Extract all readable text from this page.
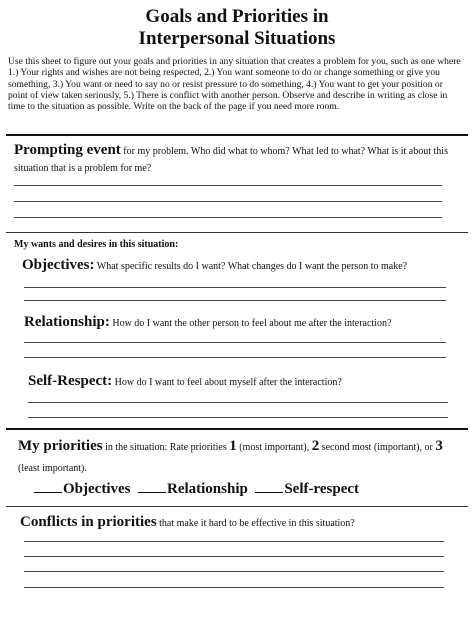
Goals and Priorities in
Interpersonal Situations
Use this sheet to figure out your goals and priorities in any situation that creates a problem for you, such as one where 1.) Your rights and wishes are not being respected, 2.) You want someone to do or change something or give you something, 3.) You want or need to say no or resist pressure to do something, 4.) You want to get your position or point of view taken seriously, 5.) There is conflict with another person. Observe and describe in writing as close in time to the situation as possible. Write on the back of the page if you need more room.
Prompting event for my problem. Who did what to whom? What led to what? What is it about this situation that is a problem for me?
My wants and desires in this situation:
Objectives: What specific results do I want? What changes do I want the person to make?
Relationship: How do I want the other person to feel about me after the interaction?
Self-Respect: How do I want to feel about myself after the interaction?
My priorities in the situation: Rate priorities 1 (most important), 2 second most (important), or 3 (least important).
Objectives Relationship Self-respect
Conflicts in priorities that make it hard to be effective in this situation?
